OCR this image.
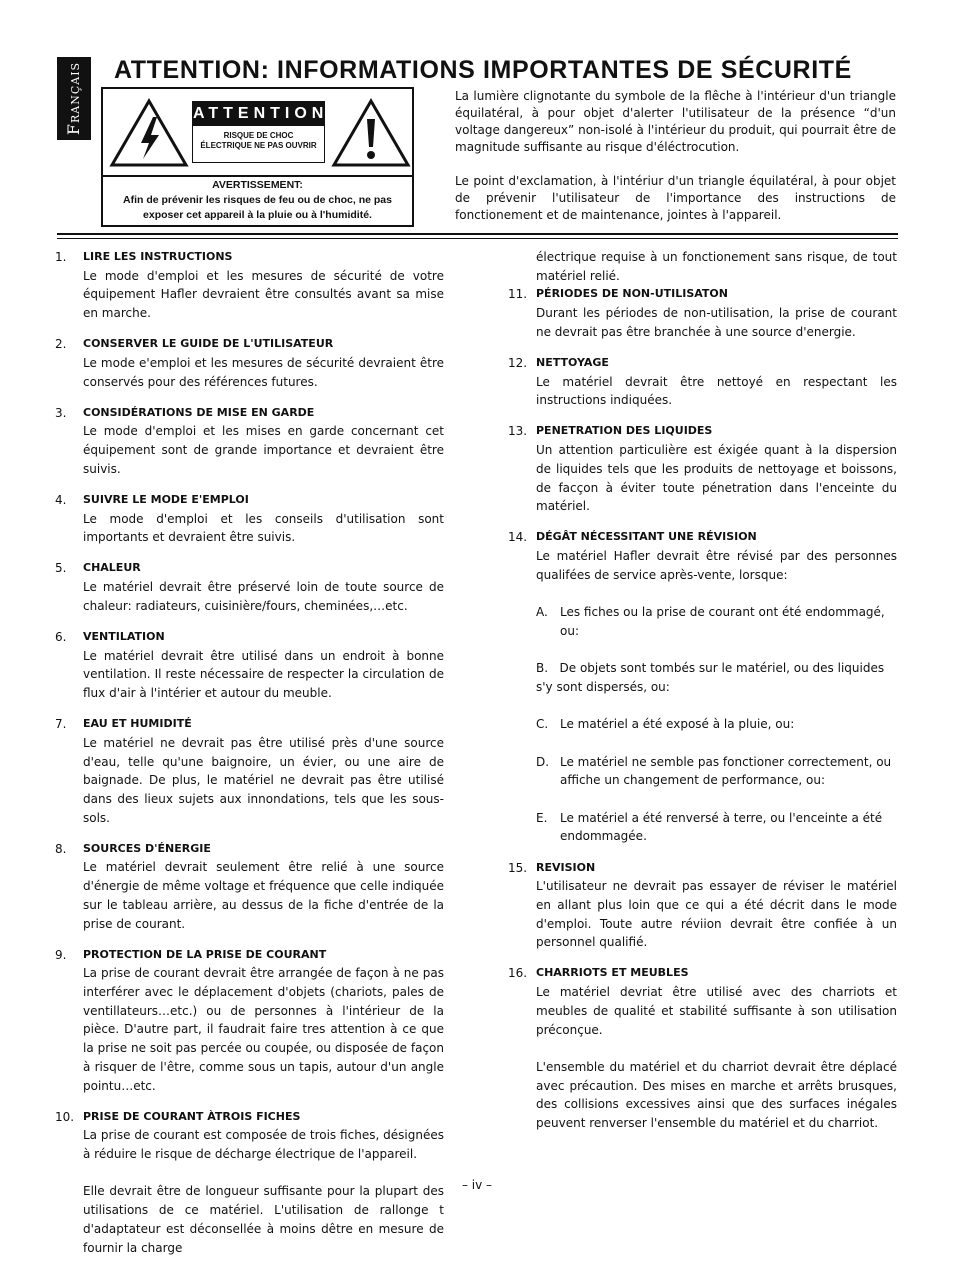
Français ATTENTION: INFORMATIONS IMPORTANTES DE SÉCURITÉ
ATTENTION
RISQUE DE CHOC
ÉLECTRIQUE NE PAS OUVRIR
AVERTISSEMENT:
Afin de prévenir les risques de feu ou de choc, ne pas
exposer cet appareil à la pluie ou à l'humidité.

La lumière clignotante du symbole de la flêche à l'intérieur d'un triangle équilatéral, à pour objet d'alerter l'utilisateur de la présence “d'un voltage dangereux” non-isolé à l'intérieur du produit, qui pourrait être de magnitude suffisante au risque d'éléctrocution.

Le point d'exclamation, à l'intériur d'un triangle équilatéral, à pour objet de prévenir l'utilisateur de l'importance des instructions de fonctionement et de maintenance, jointes à l'appareil.

1. LIRE LES INSTRUCTIONS

Le mode d'emploi et les mesures de sécurité de votre équipement Hafler devraient être consultés avant sa mise en marche.

2. CONSERVER LE GUIDE DE L'UTILISATEUR

Le mode e'emploi et les mesures de sécurité devraient être conservés pour des références futures.

3. CONSIDÉRATIONS DE MISE EN GARDE

Le mode d'emploi et les mises en garde concernant cet équipement sont de grande importance et devraient être suivis.

4. SUIVRE LE MODE E'EMPLOI

Le mode d'emploi et les conseils d'utilisation sont importants et devraient être suivis.

5. CHALEUR

Le matériel devrait être préservé loin de toute source de chaleur: radiateurs, cuisinière/fours, cheminées,…etc.

6. VENTILATION

Le matériel devrait être utilisé dans un endroit à bonne ventilation. Il reste nécessaire de respecter la circulation de flux d'air à l'intérier et autour du meuble.

7. EAU ET HUMIDITÉ

Le matériel ne devrait pas être utilisé près d'une source d'eau, telle qu'une baignoire, un évier, ou une aire de baignade. De plus, le matériel ne devrait pas être utilisé dans des lieux sujets aux innondations, tels que les sous-sols.

8. SOURCES D'ÉNERGIE

Le matériel devrait seulement être relié à une source d'énergie de même voltage et fréquence que celle indiquée sur le tableau arrière, au dessus de la fiche d'entrée de la prise de courant.

9. PROTECTION DE LA PRISE DE COURANT

La prise de courant devrait être arrangée de façon à ne pas interférer avec le déplacement d'objets (chariots, pales de ventillateurs…etc.) ou de personnes à l'intérieur de la pièce. D'autre part, il faudrait faire tres attention à ce que la prise ne soit pas percée ou coupée, ou disposée de façon à risquer de l'être, comme sous un tapis, autour d'un angle pointu…etc.

10. PRISE DE COURANT ÀTROIS FICHES

La prise de courant est composée de trois fiches, désignées à réduire le risque de décharge électrique de l'appareil.

Elle devrait être de longueur suffisante pour la plupart des utilisations de ce matériel. L'utilisation de rallonge t d'adaptateur est déconsellée à moins dêtre en mesure de fournir la charge

électrique requise à un fonctionement sans risque, de tout matériel relié.

11. PÉRIODES DE NON-UTILISATON

Durant les périodes de non-utilisation, la prise de courant ne devrait pas être branchée à une source d'energie.

12. NETTOYAGE

Le matériel devrait être nettoyé en respectant les instructions indiquées.

13. PENETRATION DES LIQUIDES

Un attention particulière est éxigée quant à la dispersion de liquides tels que les produits de nettoyage et boissons, de facçon à éviter toute pénetration dans l'enceinte du matériel.

14. DÉGÂT NÉCESSITANT UNE RÉVISION

Le matériel Hafler devrait être révisé par des personnes qualifées de service après-vente, lorsque:

A. Les fiches ou la prise de courant ont été endommagé, ou:
B. De objets sont tombés sur le matériel, ou des liquides s'y sont dispersés, ou:
C. Le matériel a été exposé à la pluie, ou:
D. Le matériel ne semble pas fonctioner correctement, ou affiche un changement de performance, ou:
E. Le matériel a été renversé à terre, ou l'enceinte a été endommagée.
15. REVISION

L'utilisateur ne devrait pas essayer de réviser le matériel en allant plus loin que ce qui a été décrit dans le mode d'emploi. Toute autre réviion devrait être confiée à un personnel qualifié.

16. CHARRIOTS ET MEUBLES

Le matériel devriat être utilisé avec des charriots et meubles de qualité et stabilité suffisante à son utilisation préconçue.

L'ensemble du matériel et du charriot devrait être déplacé avec précaution. Des mises en marche et arrêts brusques, des collisions excessives ainsi que des surfaces inégales peuvent renverser l'ensemble du matériel et du charriot.

– iv –
